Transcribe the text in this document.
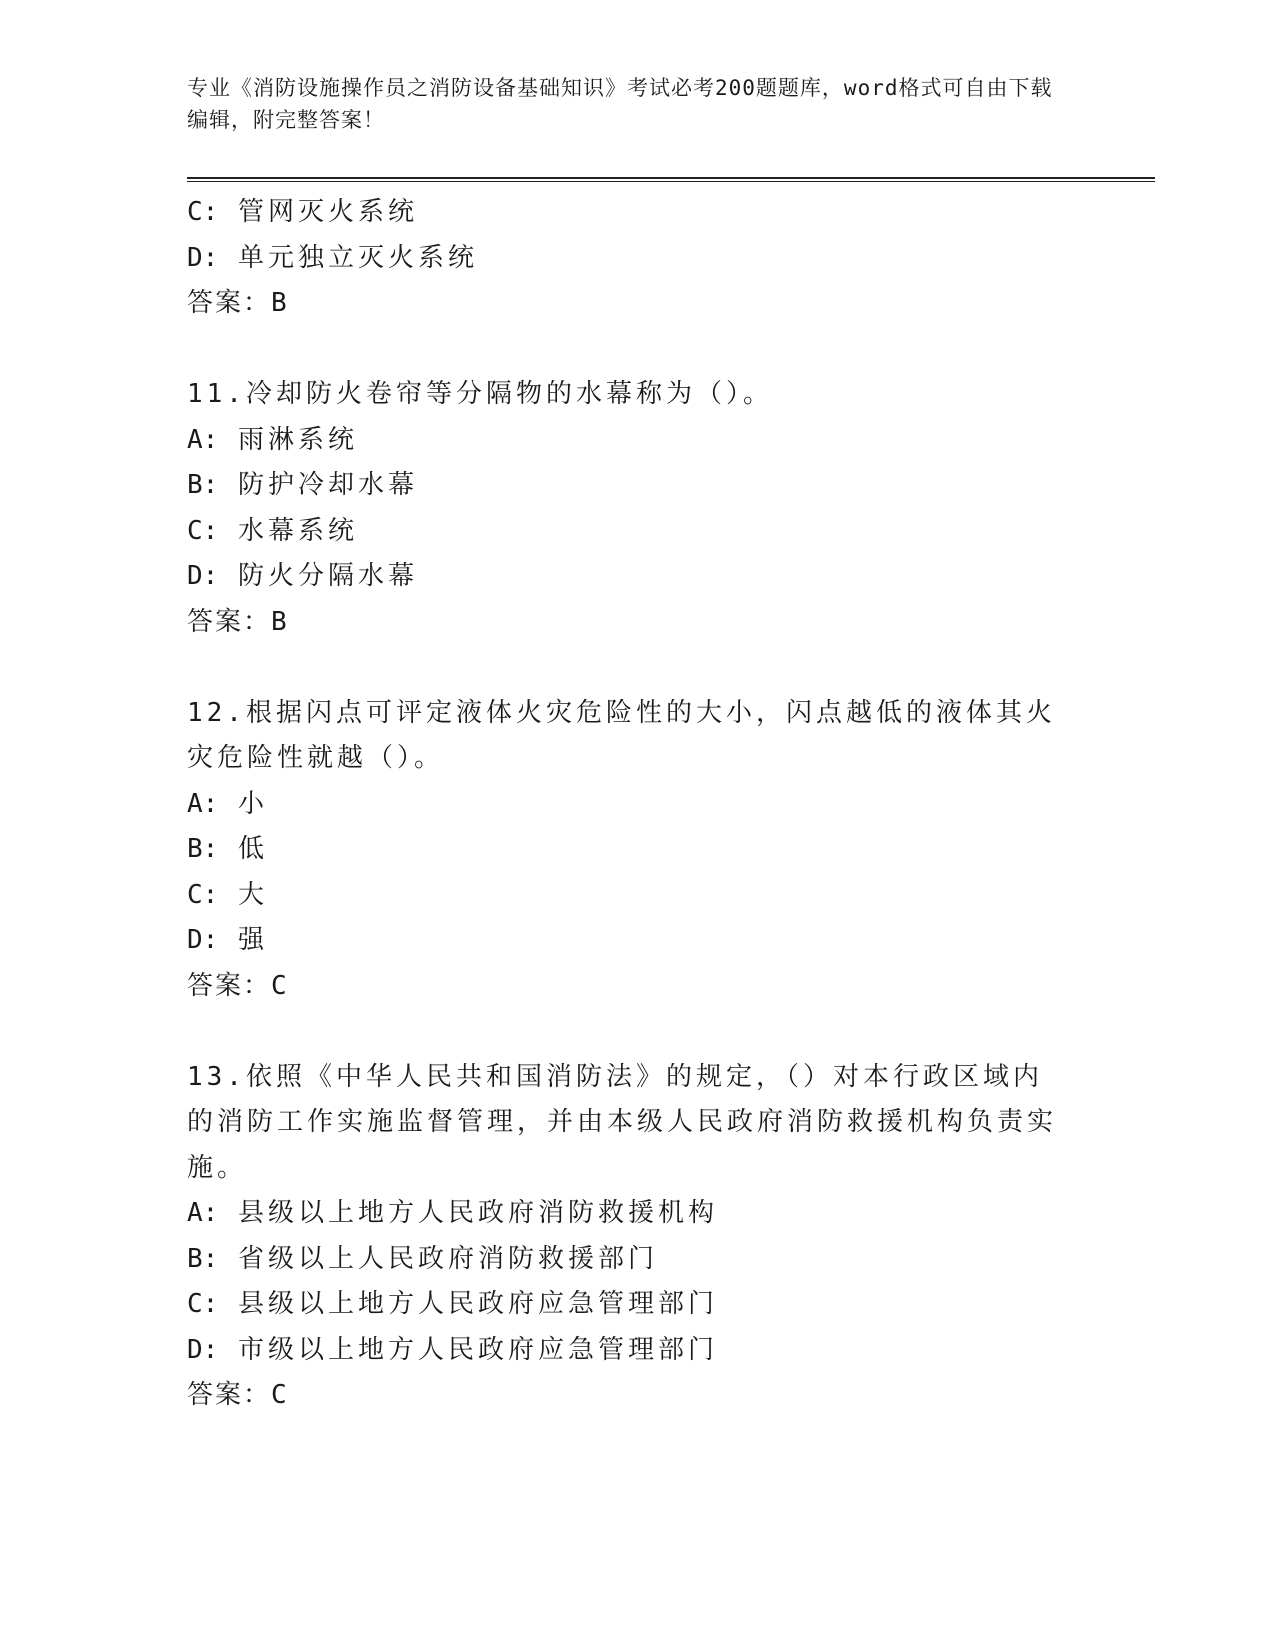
专业《消防设施操作员之消防设备基础知识》考试必考200题题库，word格式可自由下载编辑，附完整答案！
C: 管网灭火系统
D: 单元独立灭火系统
答案：B
11.冷却防火卷帘等分隔物的水幕称为（）。
A: 雨淋系统
B: 防护冷却水幕
C: 水幕系统
D: 防火分隔水幕
答案：B
12.根据闪点可评定液体火灾危险性的大小，闪点越低的液体其火灾危险性就越（）。
A: 小
B: 低
C: 大
D: 强
答案：C
13.依照《中华人民共和国消防法》的规定，（）对本行政区域内的消防工作实施监督管理，并由本级人民政府消防救援机构负责实施。
A: 县级以上地方人民政府消防救援机构
B: 省级以上人民政府消防救援部门
C: 县级以上地方人民政府应急管理部门
D: 市级以上地方人民政府应急管理部门
答案：C
